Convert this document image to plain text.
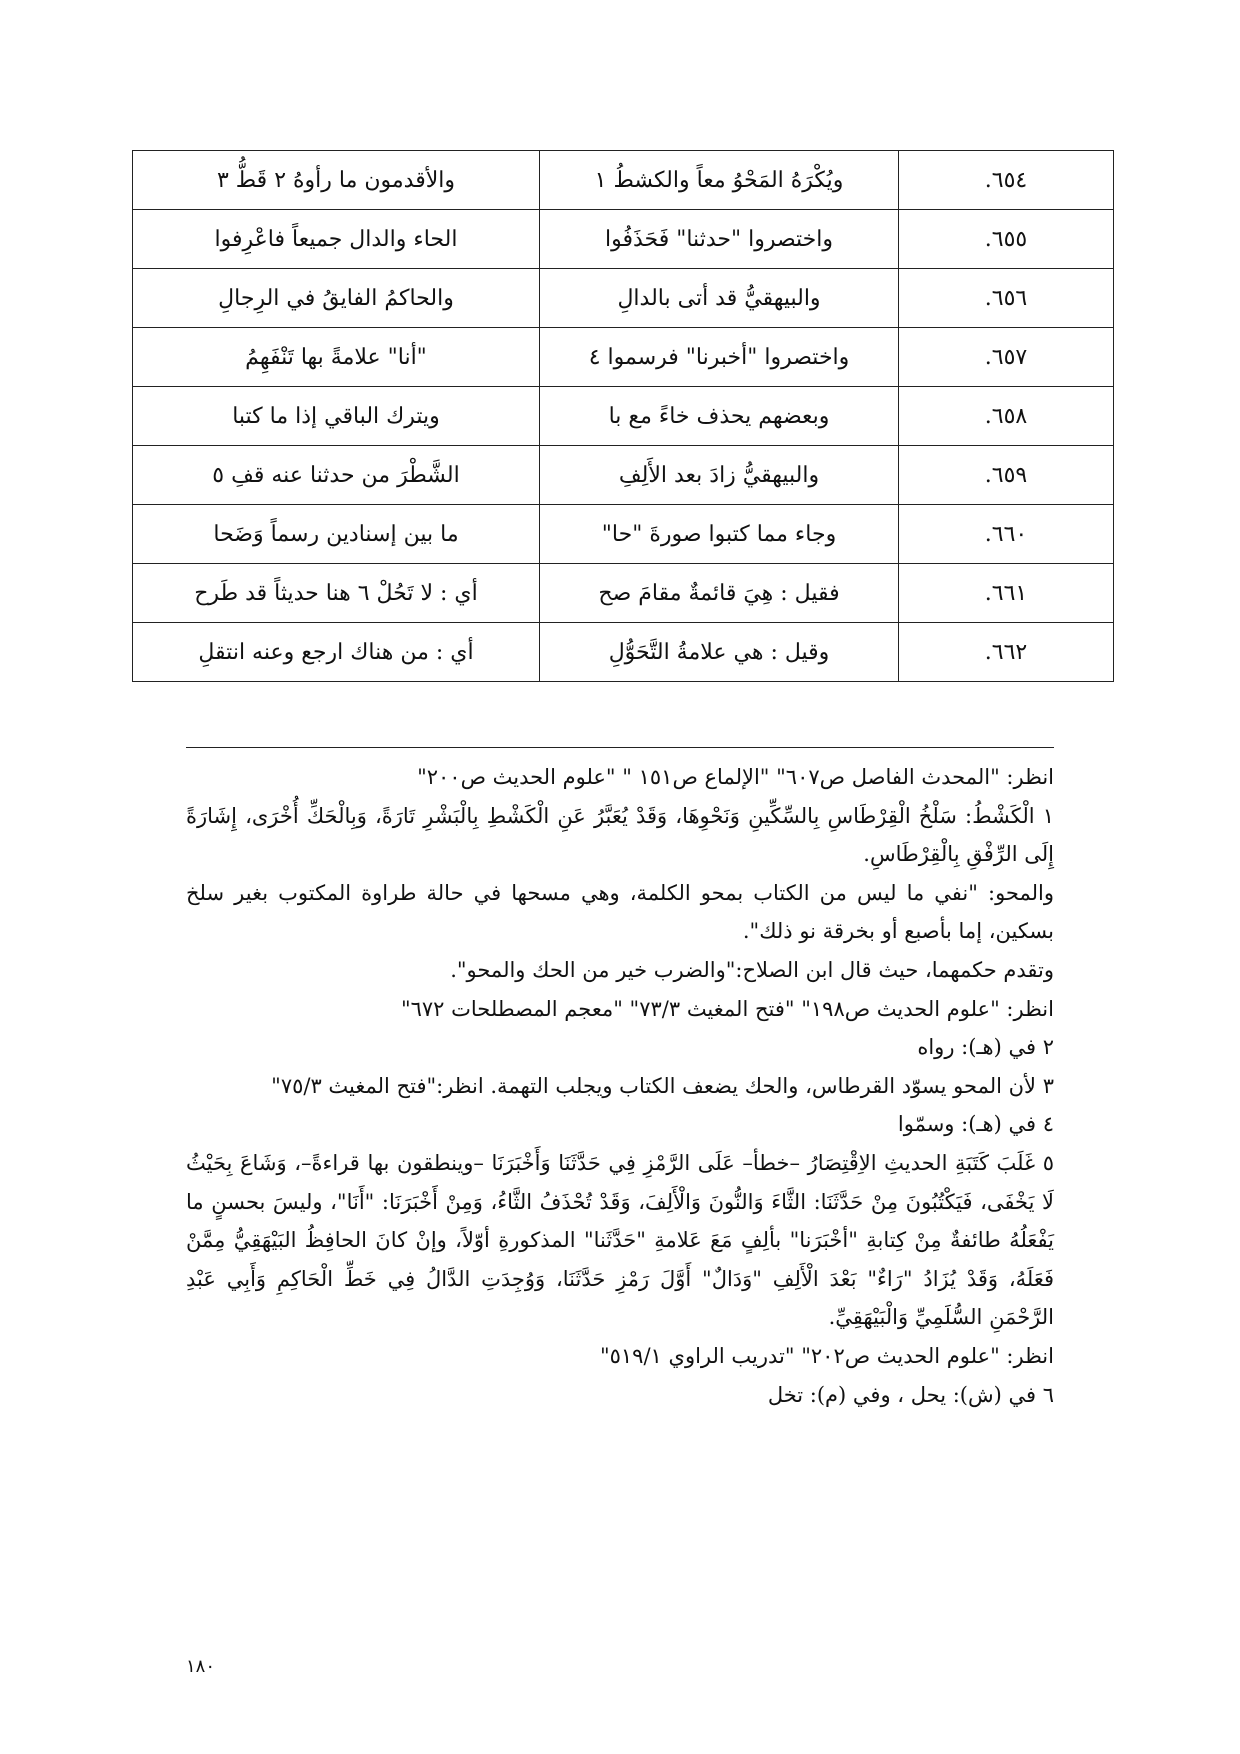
٦٥٤.	ويُكْرَهُ المَحْوُ معاً والكشطُ ١	والأقدمون ما رأوهُ ٢ قَطُّ ٣
٦٥٥.	واختصروا "حدثنا" فَحَذَفُوا	الحاء والدال جميعاً فاعْرِفوا
٦٥٦.	والبيهقيُّ قد أتى بالدالِ	والحاكمُ الفايقُ في الرِجالِ
٦٥٧.	واختصروا "أخبرنا" فرسموا ٤	"أنا" علامةً بها تَنْفَهِمُ
٦٥٨.	وبعضهم يحذف خاءً مع با	ويترك الباقي إذا ما كتبا
٦٥٩.	والبيهقيُّ زادَ بعد الأَلِفِ	الشَّطْرَ من حدثنا عنه قفِ ٥
٦٦٠.	وجاء مما كتبوا صورةَ "حا"	ما بين إسنادين رسماً وَضَحا
٦٦١.	فقيل : هِيَ قائمةٌ مقامَ صح	أي : لا تَحُلْ ٦ هنا حديثاً قد طَرح
٦٦٢.	وقيل : هي علامةُ التَّحَوُّلِ	أي : من هناك ارجع وعنه انتقلِ

انظر: "المحدث الفاصل ص٦٠٧" "الإلماع ص١٥١ " "علوم الحديث ص٢٠٠"

١ الْكَشْطُ: سَلْخُ الْقِرْطَاسِ بِالسِّكِّينِ وَنَحْوِهَا، وَقَدْ يُعَبَّرُ عَنِ الْكَشْطِ بِالْبَشْرِ تَارَةً، وَبِالْحَكِّ أُخْرَى، إِشَارَةً إِلَى الرِّفْقِ بِالْقِرْطَاسِ.

والمحو: "نفي ما ليس من الكتاب بمحو الكلمة، وهي مسحها في حالة طراوة المكتوب بغير سلخ بسكين، إما بأصبع أو بخرقة نو ذلك".

وتقدم حكمهما، حيث قال ابن الصلاح:"والضرب خير من الحك والمحو".

انظر: "علوم الحديث ص١٩٨" "فتح المغيث ٧٣/٣" "معجم المصطلحات ٦٧٢"

٢ في (هـ): رواه

٣ لأن المحو يسوّد القرطاس، والحك يضعف الكتاب ويجلب التهمة. انظر:"فتح المغيث ٧٥/٣"

٤ في (هـ): وسمّوا

٥ غَلَبَ كَتَبَةِ الحديثِ الاِقْتِصَارُ –خطأ– عَلَى الرَّمْزِ فِي حَدَّثَنَا وَأَخْبَرَنَا –وينطقون بها قراءةً–، وَشَاعَ بِحَيْثُ لَا يَخْفَى، فَيَكْتُبُونَ مِنْ حَدَّثَنَا: الثَّاءَ وَالنُّونَ وَالْأَلِفَ، وَقَدْ تُحْذَفُ الثَّاءُ، وَمِنْ أَخْبَرَنَا: "أَنَا"، وليسَ بحسنٍ ما يَفْعَلُهُ طائفةٌ مِنْ كِتابةِ "أخْبَرَنا" بألِفٍ مَعَ عَلامةِ "حَدَّثَنا" المذكورةِ أوّلاً، وإنْ كانَ الحافِظُ البَيْهَقِيُّ مِمَّنْ فَعَلَهُ، وَقَدْ يُزَادُ "رَاءٌ" بَعْدَ الْأَلِفِ "وَدَالٌ" أَوَّلَ رَمْزِ حَدَّثَنَا، وَوُجِدَتِ الدَّالُ فِي خَطِّ الْحَاكِمِ وَأَبِي عَبْدِ الرَّحْمَنِ السُّلَمِيِّ وَالْبَيْهَقِيِّ.

انظر: "علوم الحديث ص٢٠٢" "تدريب الراوي ٥١٩/١"

٦ في (ش): يحل ، وفي (م): تخل

١٨٠
